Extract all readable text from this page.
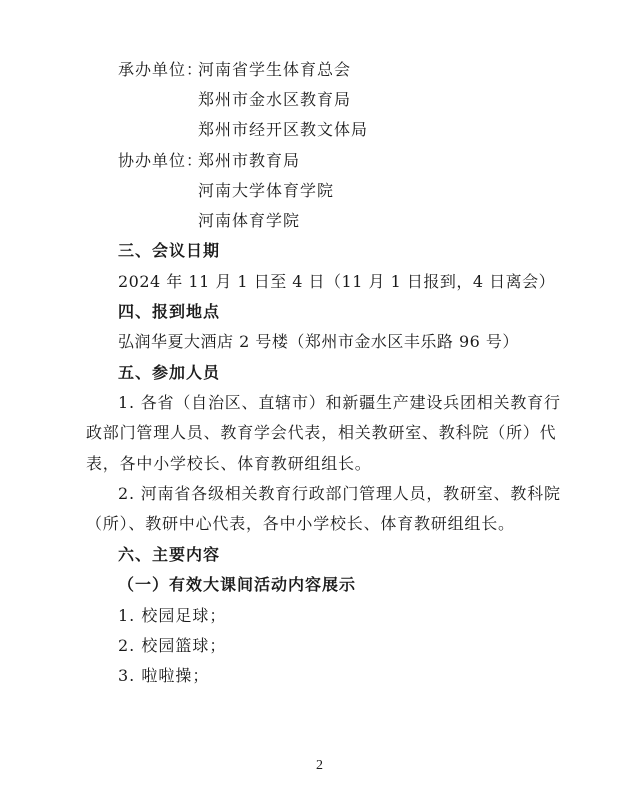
承办单位：
河南省学生体育总会
郑州市金水区教育局
郑州市经开区教文体局
协办单位：
郑州市教育局
河南大学体育学院
河南体育学院
三、会议日期
2024 年 11 月 1 日至 4 日（11 月 1 日报到，4 日离会）
四、报到地点
弘润华夏大酒店 2 号楼（郑州市金水区丰乐路 96 号）
五、参加人员
1. 各省（自治区、直辖市）和新疆生产建设兵团相关教育行
政部门管理人员、教育学会代表，相关教研室、教科院（所）代
表，各中小学校长、体育教研组组长。
2. 河南省各级相关教育行政部门管理人员，教研室、教科院
（所）、教研中心代表，各中小学校长、体育教研组组长。
六、主要内容
（一）有效大课间活动内容展示
1. 校园足球；
2. 校园篮球；
3. 啦啦操；
2
